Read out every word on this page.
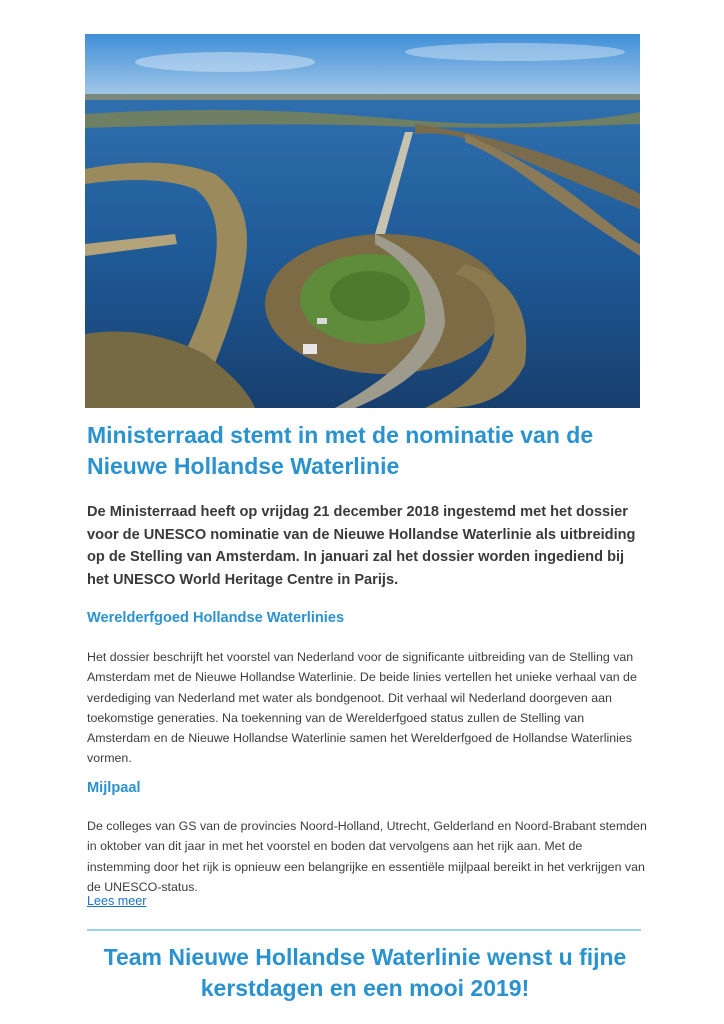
Ministerraad stemt in met de nominatie van de Nieuwe Hollandse Waterlinie

De Ministerraad heeft op vrijdag 21 december 2018 ingestemd met het dossier voor de UNESCO nominatie van de Nieuwe Hollandse Waterlinie als uitbreiding op de Stelling van Amsterdam. In januari zal het dossier worden ingediend bij het UNESCO World Heritage Centre in Parijs.

Werelderfgoed Hollandse Waterlinies

Het dossier beschrijft het voorstel van Nederland voor de significante uitbreiding van de Stelling van Amsterdam met de Nieuwe Hollandse Waterlinie. De beide linies vertellen het unieke verhaal van de verdediging van Nederland met water als bondgenoot. Dit verhaal wil Nederland doorgeven aan toekomstige generaties. Na toekenning van de Werelderfgoed status zullen de Stelling van Amsterdam en de Nieuwe Hollandse Waterlinie samen het Werelderfgoed de Hollandse Waterlinies vormen.

Mijlpaal

De colleges van GS van de provincies Noord-Holland, Utrecht, Gelderland en Noord-Brabant stemden in oktober van dit jaar in met het voorstel en boden dat vervolgens aan het rijk aan. Met de instemming door het rijk is opnieuw een belangrijke en essentiële mijlpaal bereikt in het verkrijgen van de UNESCO-status.

Lees meer
Team Nieuwe Hollandse Waterlinie wenst u fijne kerstdagen en een mooi 2019!
